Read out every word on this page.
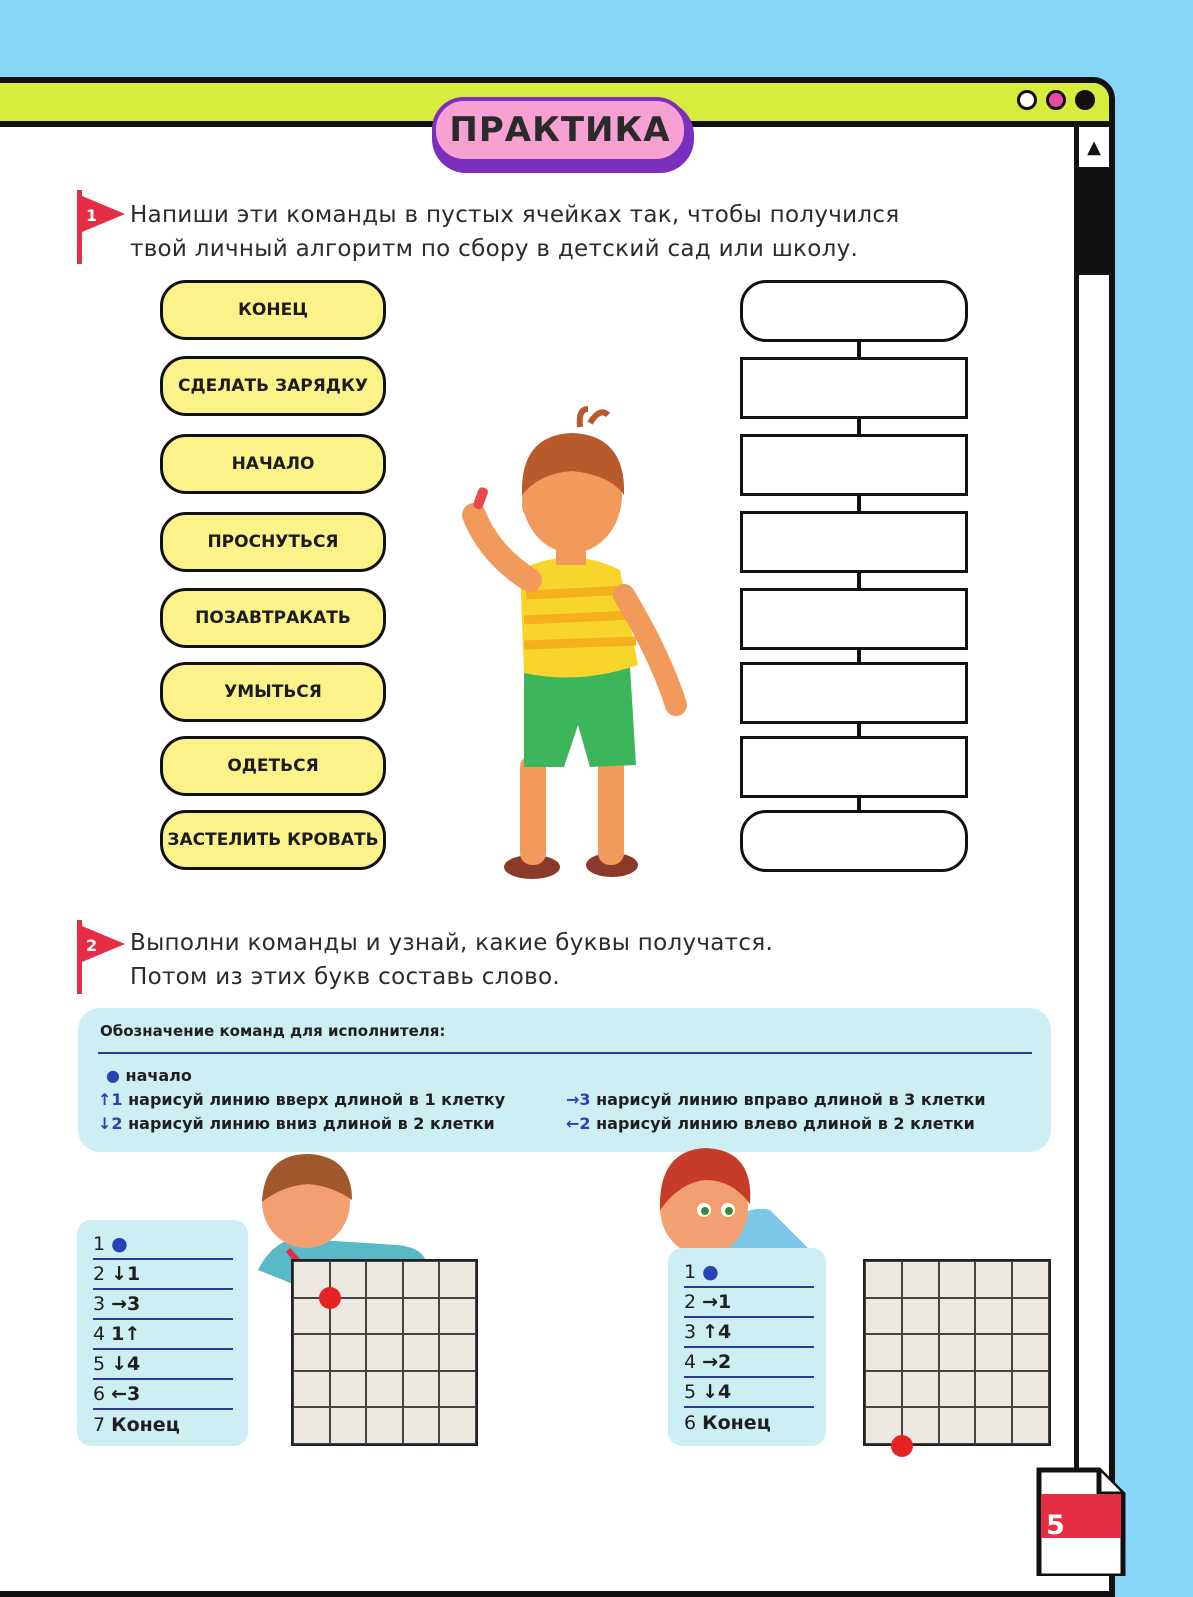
▲
ПРАКТИКА
1 Напиши эти команды в пустых ячейках так, чтобы получился
твой личный алгоритм по сбору в детский сад или школу.
КОНЕЦ
СДЕЛАТЬ ЗАРЯДКУ
НАЧАЛО
ПРОСНУТЬСЯ
ПОЗАВТРАКАТЬ
УМЫТЬСЯ
ОДЕТЬСЯ
ЗАСТЕЛИТЬ КРОВАТЬ
2 Выполни команды и узнай, какие буквы получатся.
Потом из этих букв составь слово.
Обозначение команд для исполнителя:
● начало
↑1 нарисуй линию вверх длиной в 1 клетку
↓2 нарисуй линию вниз длиной в 2 клетки
→3 нарисуй линию вправо длиной в 3 клетки
←2 нарисуй линию влево длиной в 2 клетки
1 ●
2 ↓1
3 →3
4 1↑
5 ↓4
6 ←3
7 Конец
1 ●
2 →1
3 ↑4
4 →2
5 ↓4
6 Конец
5
